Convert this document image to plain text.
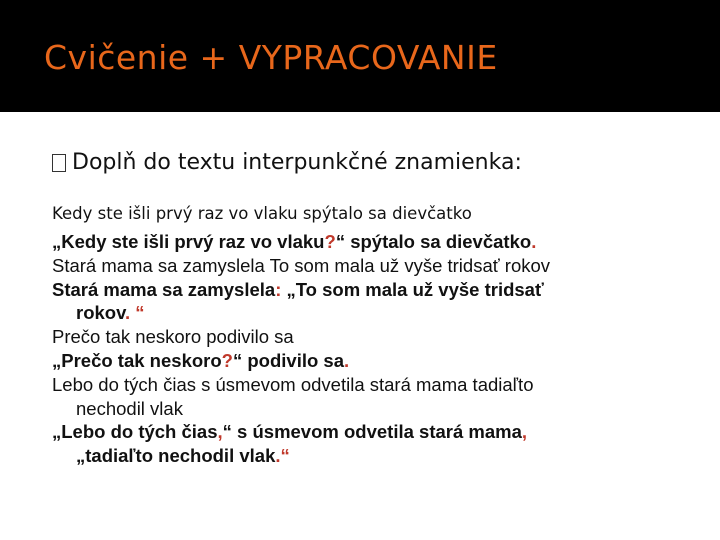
Cvičenie + VYPRACOVANIE
Doplň do textu interpunkčné znamienka:
Kedy ste išli prvý raz vo vlaku spýtalo sa dievčatko
„Kedy ste išli prvý raz vo vlaku?“ spýtalo sa dievčatko.
Stará mama sa zamyslela To som mala už vyše tridsať rokov
Stará mama sa zamyslela: „To som mala už vyše tridsať
rokov. “
Prečo tak neskoro podivilo sa
„Prečo tak neskoro?“ podivilo sa.
Lebo do tých čias s úsmevom odvetila stará mama tadiaľto
nechodil vlak
„Lebo do tých čias,“ s úsmevom odvetila stará mama,
„tadiaľto nechodil vlak.“
